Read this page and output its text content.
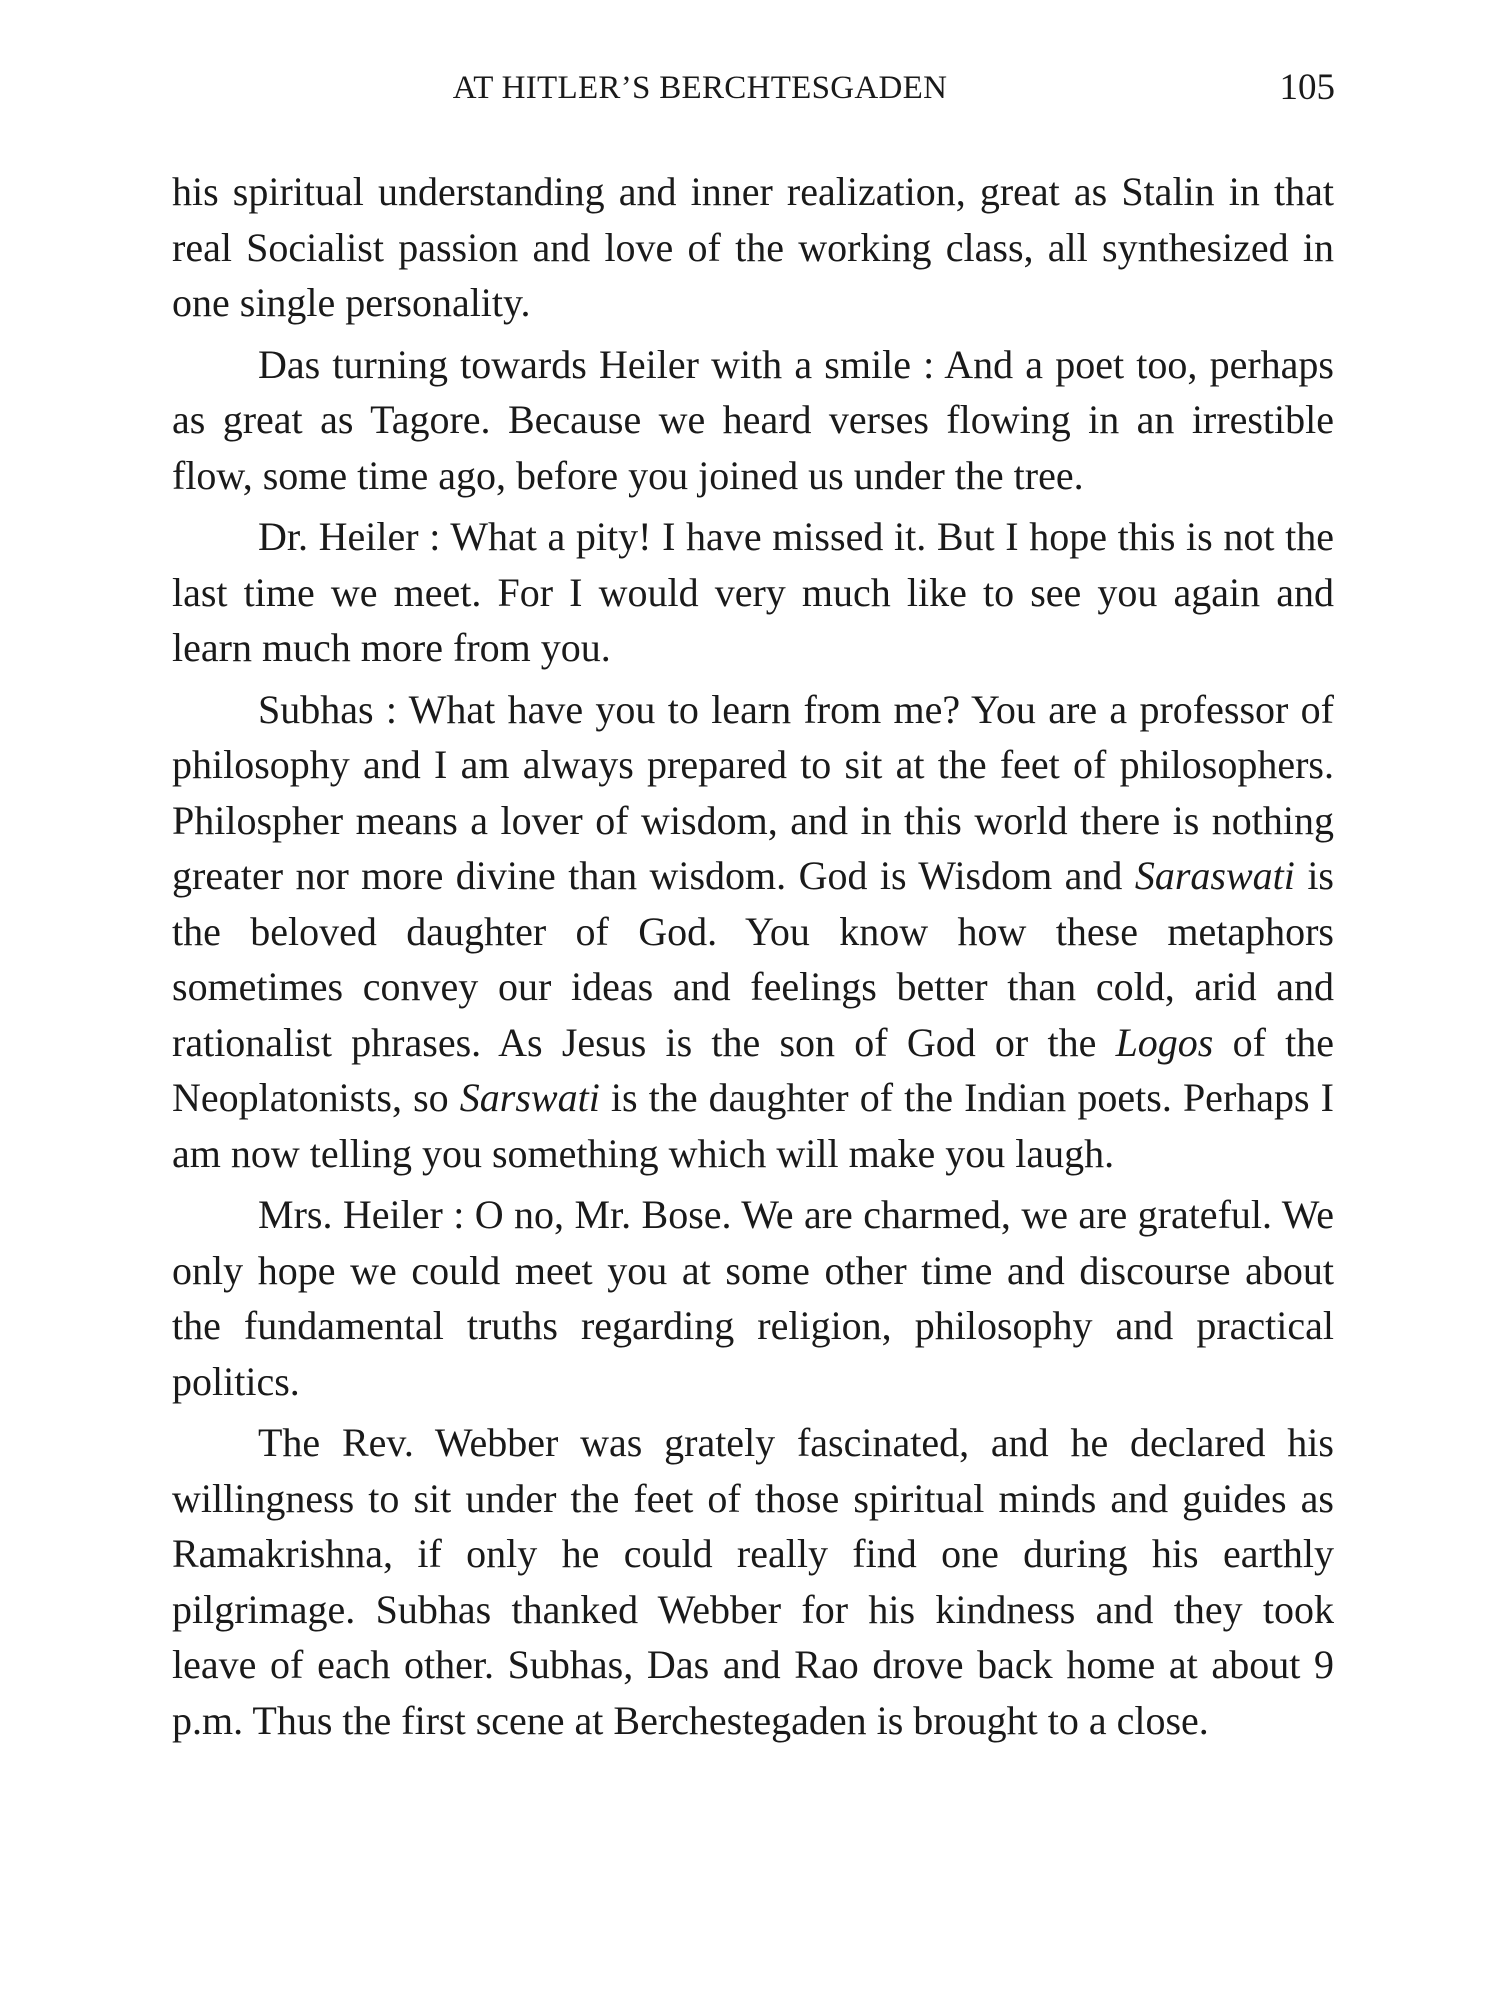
AT HITLER’S BERCHTESGADEN	105

his spiritual understanding and inner realization, great as Stalin in that real Socialist passion and love of the working class, all synthesized in one single personality.

Das turning towards Heiler with a smile : And a poet too, perhaps as great as Tagore. Because we heard verses flowing in an irrestible flow, some time ago, before you joined us under the tree.

Dr. Heiler : What a pity! I have missed it. But I hope this is not the last time we meet. For I would very much like to see you again and learn much more from you.

Subhas : What have you to learn from me? You are a professor of philosophy and I am always prepared to sit at the feet of philosophers. Philospher means a lover of wisdom, and in this world there is nothing greater nor more divine than wisdom. God is Wisdom and Saraswati is the beloved daughter of God. You know how these metaphors sometimes convey our ideas and feelings better than cold, arid and rationalist phrases. As Jesus is the son of God or the Logos of the Neoplatonists, so Sarswati is the daughter of the Indian poets. Perhaps I am now telling you something which will make you laugh.

Mrs. Heiler : O no, Mr. Bose. We are charmed, we are grateful. We only hope we could meet you at some other time and discourse about the fundamental truths regarding religion, philosophy and practical politics.

The Rev. Webber was grately fascinated, and he declared his willingness to sit under the feet of those spiritual minds and guides as Ramakrishna, if only he could really find one during his earthly pilgrimage. Subhas thanked Webber for his kindness and they took leave of each other. Subhas, Das and Rao drove back home at about 9 p.m. Thus the first scene at Berchestegaden is brought to a close.
